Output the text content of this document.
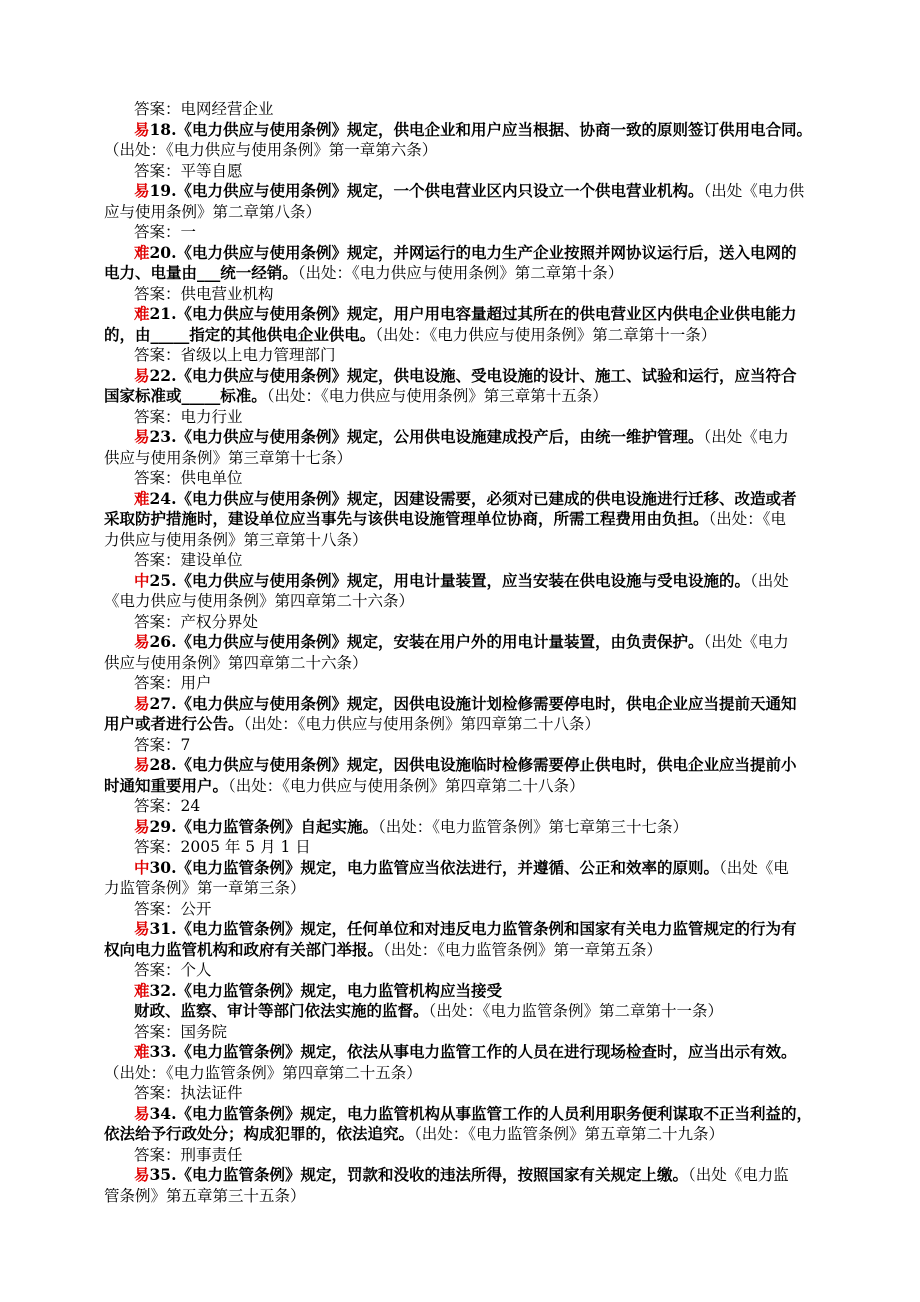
答案：电网经营企业
易18.《电力供应与使用条例》规定，供电企业和用户应当根据、协商一致的原则签订供用电合同。
（出处：《电力供应与使用条例》第一章第六条）
答案：平等自愿
易19.《电力供应与使用条例》规定，一个供电营业区内只设立一个供电营业机构。（出处《电力供
应与使用条例》第二章第八条）
答案：一
难20.《电力供应与使用条例》规定，并网运行的电力生产企业按照并网协议运行后，送入电网的
电力、电量由___统一经销。（出处：《电力供应与使用条例》第二章第十条）
答案：供电营业机构
难21.《电力供应与使用条例》规定，用户用电容量超过其所在的供电营业区内供电企业供电能力
的，由_____指定的其他供电企业供电。（出处：《电力供应与使用条例》第二章第十一条）
答案：省级以上电力管理部门
易22.《电力供应与使用条例》规定，供电设施、受电设施的设计、施工、试验和运行，应当符合
国家标准或_____标准。（出处：《电力供应与使用条例》第三章第十五条）
答案：电力行业
易23.《电力供应与使用条例》规定，公用供电设施建成投产后，由统一维护管理。（出处《电力
供应与使用条例》第三章第十七条）
答案：供电单位
难24.《电力供应与使用条例》规定，因建设需要，必须对已建成的供电设施进行迁移、改造或者
采取防护措施时，建设单位应当事先与该供电设施管理单位协商，所需工程费用由负担。（出处：《电
力供应与使用条例》第三章第十八条）
答案：建设单位
中25.《电力供应与使用条例》规定，用电计量装置，应当安装在供电设施与受电设施的。（出处
《电力供应与使用条例》第四章第二十六条）
答案：产权分界处
易26.《电力供应与使用条例》规定，安装在用户外的用电计量装置，由负责保护。（出处《电力
供应与使用条例》第四章第二十六条）
答案：用户
易27.《电力供应与使用条例》规定，因供电设施计划检修需要停电时，供电企业应当提前天通知
用户或者进行公告。（出处：《电力供应与使用条例》第四章第二十八条）
答案：7
易28.《电力供应与使用条例》规定，因供电设施临时检修需要停止供电时，供电企业应当提前小
时通知重要用户。（出处：《电力供应与使用条例》第四章第二十八条）
答案：24
易29.《电力监管条例》自起实施。（出处：《电力监管条例》第七章第三十七条）
答案：2005 年 5 月 1 日
中30.《电力监管条例》规定，电力监管应当依法进行，并遵循、公正和效率的原则。（出处《电
力监管条例》第一章第三条）
答案：公开
易31.《电力监管条例》规定，任何单位和对违反电力监管条例和国家有关电力监管规定的行为有
权向电力监管机构和政府有关部门举报。（出处：《电力监管条例》第一章第五条）
答案：个人
难32.《电力监管条例》规定，电力监管机构应当接受
财政、监察、审计等部门依法实施的监督。（出处：《电力监管条例》第二章第十一条）
答案：国务院
难33.《电力监管条例》规定，依法从事电力监管工作的人员在进行现场检查时，应当出示有效。
（出处：《电力监管条例》第四章第二十五条）
答案：执法证件
易34.《电力监管条例》规定，电力监管机构从事监管工作的人员利用职务便利谋取不正当利益的，
依法给予行政处分；构成犯罪的，依法追究。（出处：《电力监管条例》第五章第二十九条）
答案：刑事责任
易35.《电力监管条例》规定，罚款和没收的违法所得，按照国家有关规定上缴。（出处《电力监
管条例》第五章第三十五条）
